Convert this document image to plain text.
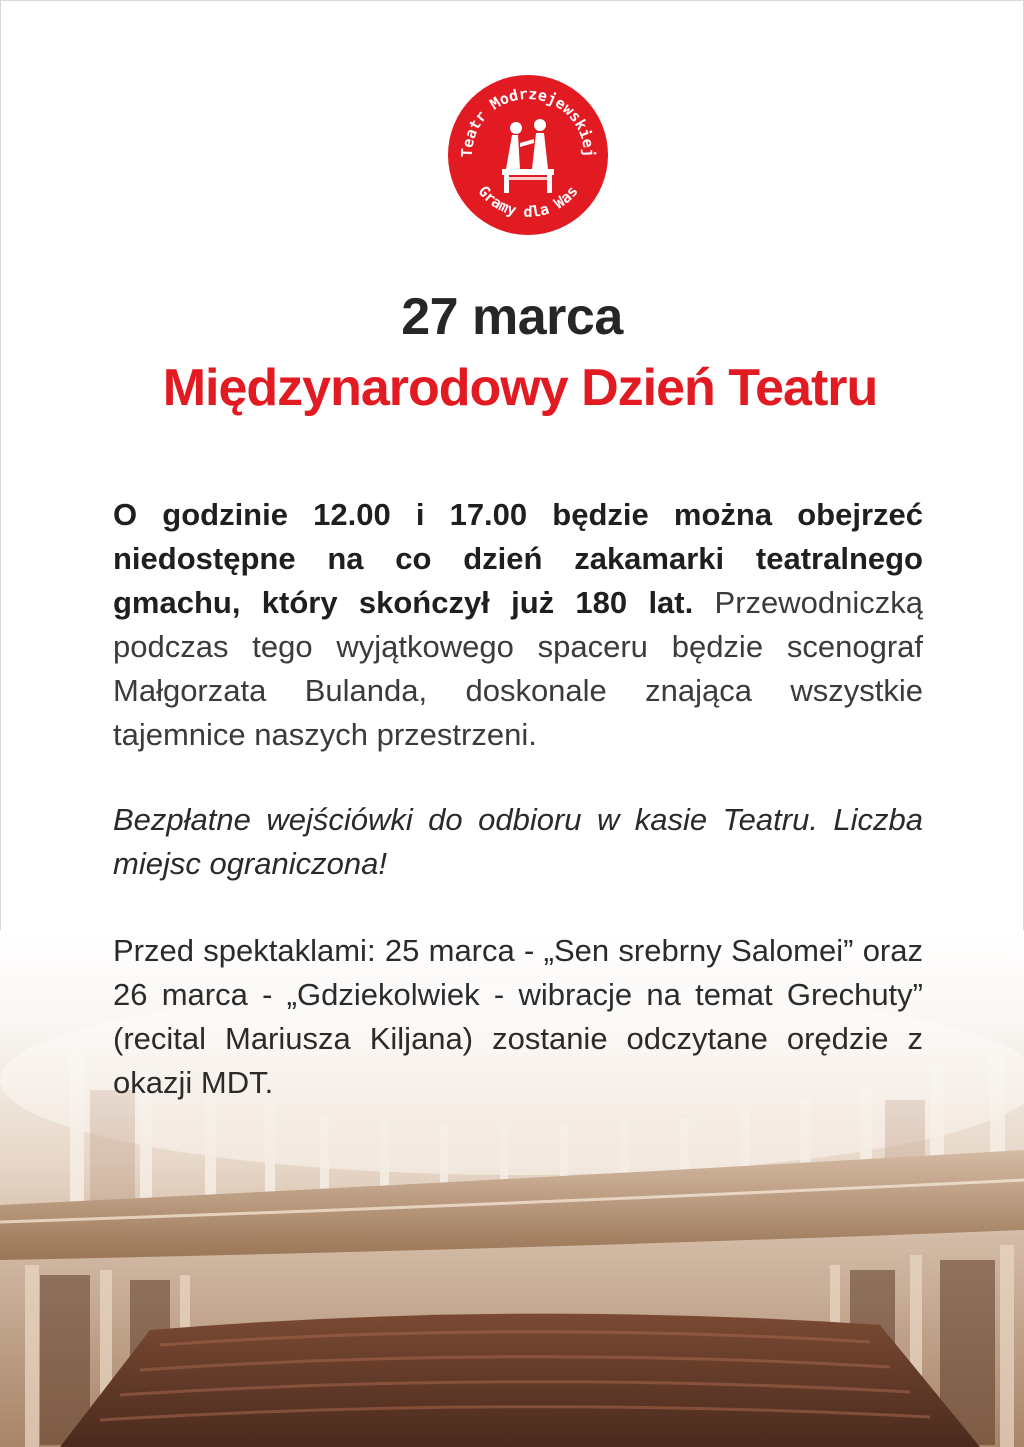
Teatr Modrzejewskiej
Gramy dla Was
27 marca
Międzynarodowy Dzień Teatru
O godzinie 12.00 i 17.00 będzie można obejrzeć niedostępne na co dzień zakamarki teatralnego gmachu, który skończył już 180 lat. Przewodniczką podczas tego wyjątkowego spaceru będzie scenograf Małgorzata Bulanda, doskonale znająca wszystkie tajemnice naszych przestrzeni.
Bezpłatne wejściówki do odbioru w kasie Teatru. Liczba miejsc ograniczona!
Przed spektaklami: 25 marca - „Sen srebrny Salomei” oraz 26 marca - „Gdziekolwiek - wibracje na temat Grechuty” (recital Mariusza Kiljana) zostanie odczytane orędzie z okazji MDT.
